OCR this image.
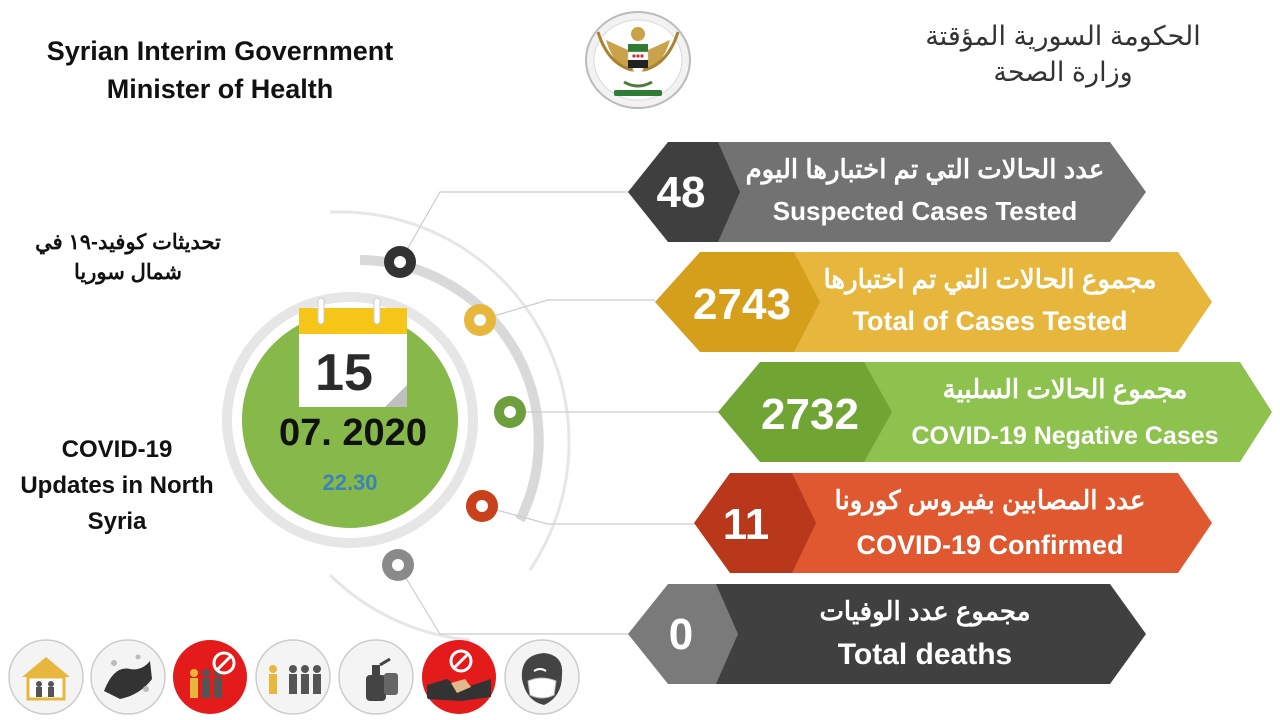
Syrian Interim Government
Minister of Health
الحكومة السورية المؤقتة
وزارة الصحة
تحديثات كوفيد-١٩ في
شمال سوريا
COVID-19
Updates in North
Syria
15
07. 2020
22.30
48	عدد الحالات التي تم اختبارها اليوم
Suspected Cases Tested
2743
مجموع الحالات التي تم اختبارها
Total of Cases Tested
2732
مجموع الحالات السلبية
COVID-19 Negative Cases
11	عدد المصابين بفيروس كورونا
COVID-19 Confirmed
0	مجموع عدد الوفيات
Total deaths
